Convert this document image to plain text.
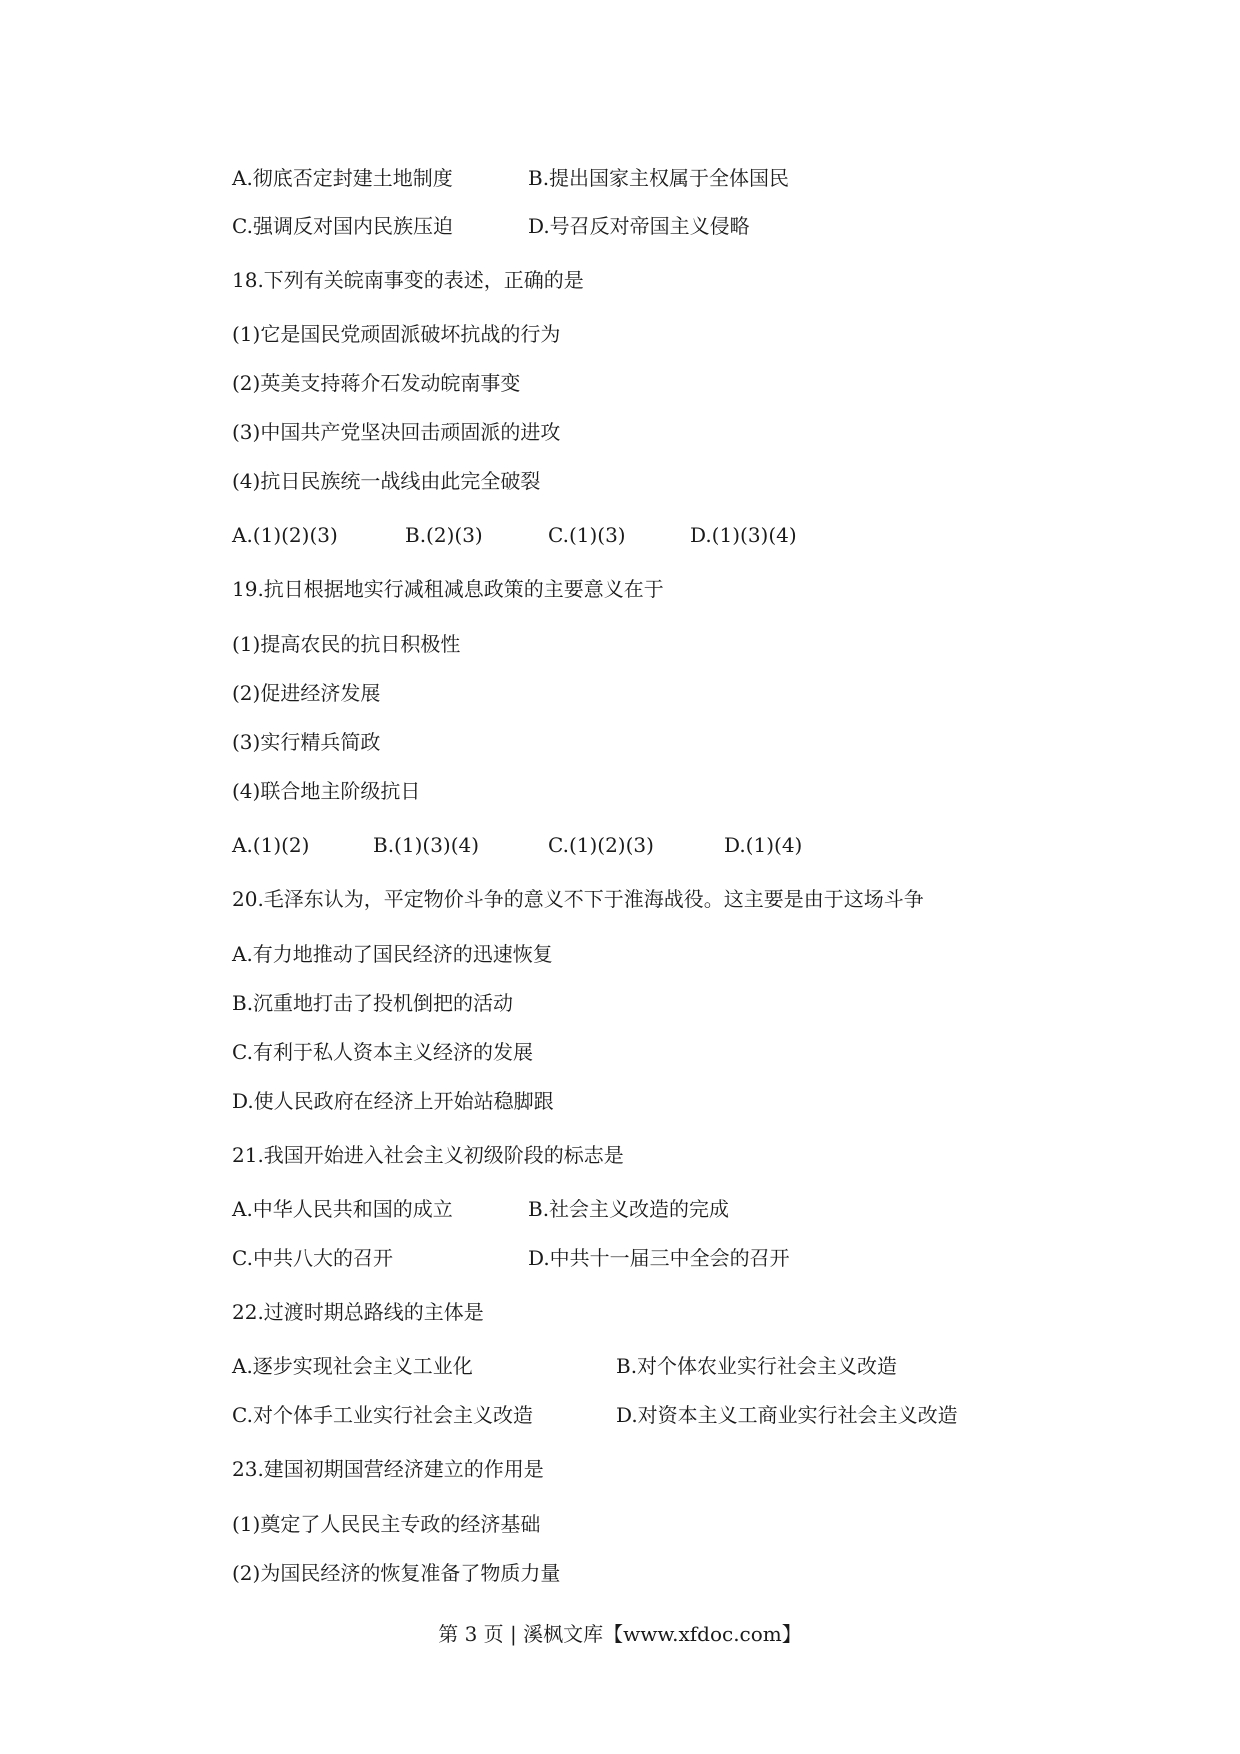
A.彻底否定封建土地制度	B.提出国家主权属于全体国民
C.强调反对国内民族压迫	D.号召反对帝国主义侵略
18.下列有关皖南事变的表述，正确的是
(1)它是国民党顽固派破坏抗战的行为
(2)英美支持蒋介石发动皖南事变
(3)中国共产党坚决回击顽固派的进攻
(4)抗日民族统一战线由此完全破裂
A.(1)(2)(3)	B.(2)(3)	C.(1)(3)	D.(1)(3)(4)
19.抗日根据地实行减租减息政策的主要意义在于
(1)提高农民的抗日积极性
(2)促进经济发展
(3)实行精兵简政
(4)联合地主阶级抗日
A.(1)(2)	B.(1)(3)(4)	C.(1)(2)(3)	D.(1)(4)
20.毛泽东认为，平定物价斗争的意义不下于淮海战役。这主要是由于这场斗争
A.有力地推动了国民经济的迅速恢复
B.沉重地打击了投机倒把的活动
C.有利于私人资本主义经济的发展
D.使人民政府在经济上开始站稳脚跟
21.我国开始进入社会主义初级阶段的标志是
A.中华人民共和国的成立	B.社会主义改造的完成
C.中共八大的召开	D.中共十一届三中全会的召开
22.过渡时期总路线的主体是
A.逐步实现社会主义工业化	B.对个体农业实行社会主义改造
C.对个体手工业实行社会主义改造	D.对资本主义工商业实行社会主义改造
23.建国初期国营经济建立的作用是
(1)奠定了人民民主专政的经济基础
(2)为国民经济的恢复准备了物质力量
第 3 页 | 溪枫文库【www.xfdoc.com】
